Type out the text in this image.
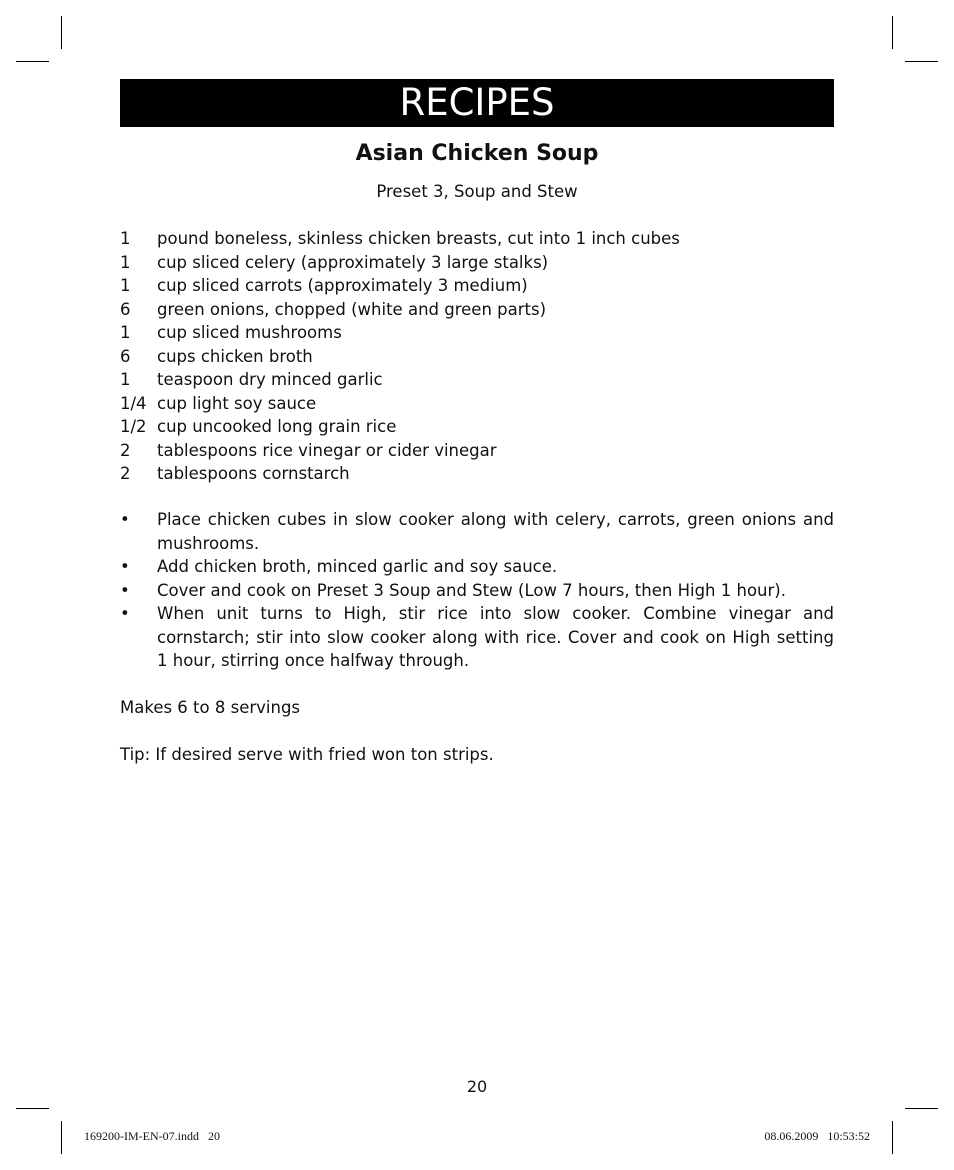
RECIPES
Asian Chicken Soup
Preset 3, Soup and Stew
1	pound boneless, skinless chicken breasts, cut into 1 inch cubes
1	cup sliced celery (approximately 3 large stalks)
1	cup sliced carrots (approximately 3 medium)
6	green onions, chopped (white and green parts)
1	cup sliced mushrooms
6	cups chicken broth
1	teaspoon dry minced garlic
1/4 cup light soy sauce
1/2 cup uncooked long grain rice
2	tablespoons rice vinegar or cider vinegar
2	tablespoons cornstarch
•	Place chicken cubes in slow cooker along with celery, carrots, green onions and mushrooms.
•	Add chicken broth, minced garlic and soy sauce.
•	Cover and cook on Preset 3 Soup and Stew (Low 7 hours, then High 1 hour).
•	When unit turns to High, stir rice into slow cooker. Combine vinegar and cornstarch; stir into slow cooker along with rice. Cover and cook on High setting 1 hour, stirring once halfway through.
Makes 6 to 8 servings
Tip: If desired serve with fried won ton strips.
20
169200-IM-EN-07.indd   20	08.06.2009   10:53:52
